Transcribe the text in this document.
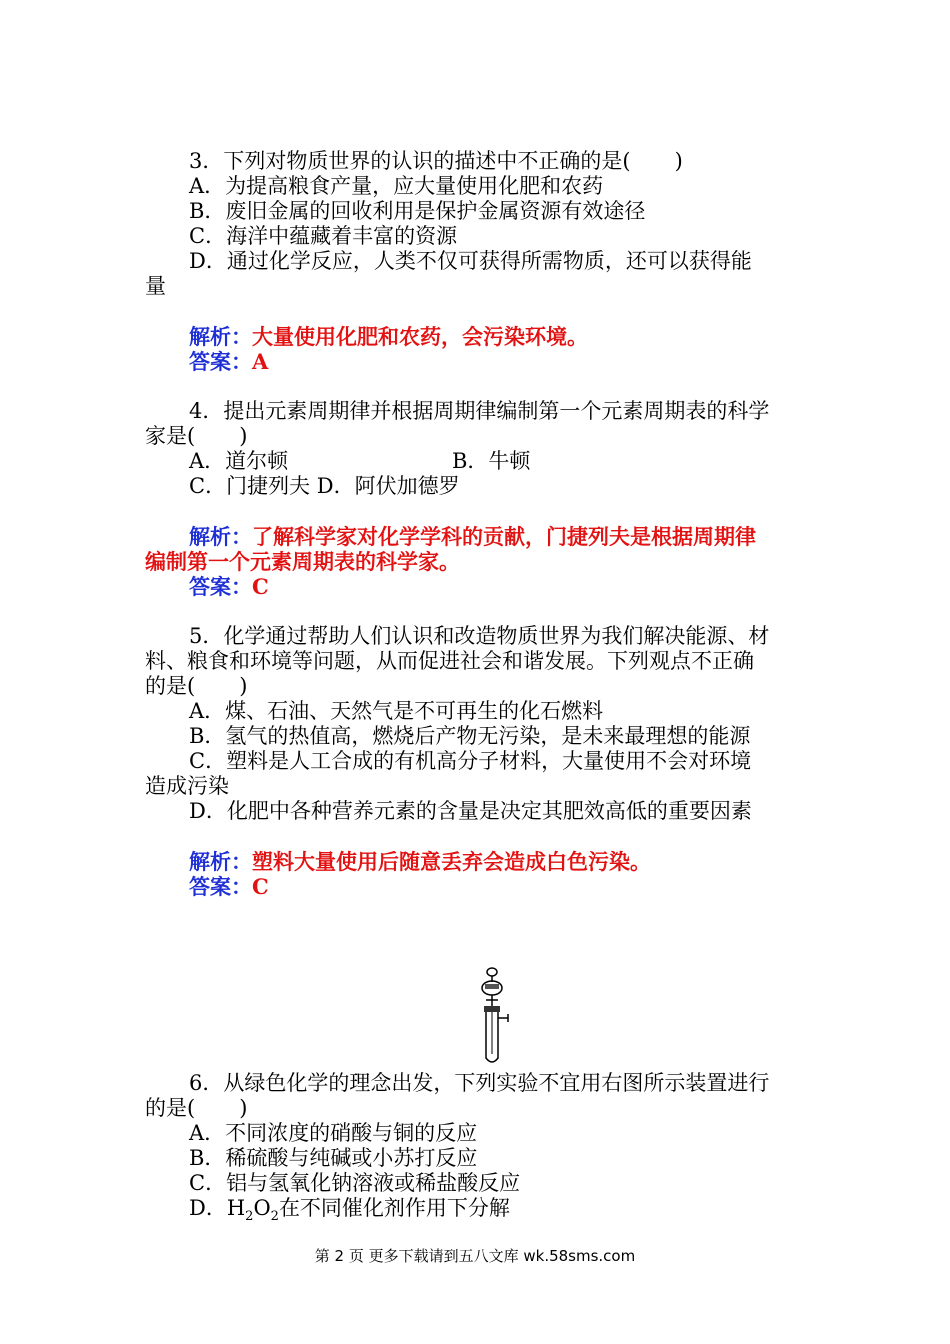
3．下列对物质世界的认识的描述中不正确的是( )
A．为提高粮食产量，应大量使用化肥和农药
B．废旧金属的回收利用是保护金属资源有效途径
C．海洋中蕴藏着丰富的资源
D．通过化学反应，人类不仅可获得所需物质，还可以获得能
量
解析：大量使用化肥和农药，会污染环境。
答案：A
4．提出元素周期律并根据周期律编制第一个元素周期表的科学
家是( )
A．道尔顿	B．牛顿
C．门捷列夫 D．阿伏加德罗
解析：了解科学家对化学学科的贡献，门捷列夫是根据周期律
编制第一个元素周期表的科学家。
答案：C
5．化学通过帮助人们认识和改造物质世界为我们解决能源、材
料、粮食和环境等问题，从而促进社会和谐发展。下列观点不正确
的是( )
A．煤、石油、天然气是不可再生的化石燃料
B．氢气的热值高，燃烧后产物无污染，是未来最理想的能源
C．塑料是人工合成的有机高分子材料，大量使用不会对环境
造成污染
D．化肥中各种营养元素的含量是决定其肥效高低的重要因素
解析：塑料大量使用后随意丢弃会造成白色污染。
答案：C
6．从绿色化学的理念出发，下列实验不宜用右图所示装置进行
的是( )
A．不同浓度的硝酸与铜的反应
B．稀硫酸与纯碱或小苏打反应
C．铝与氢氧化钠溶液或稀盐酸反应
D．$H_2O_2$在不同催化剂作用下分解
第 2 页 更多下载请到五八文库 wk.58sms.com
